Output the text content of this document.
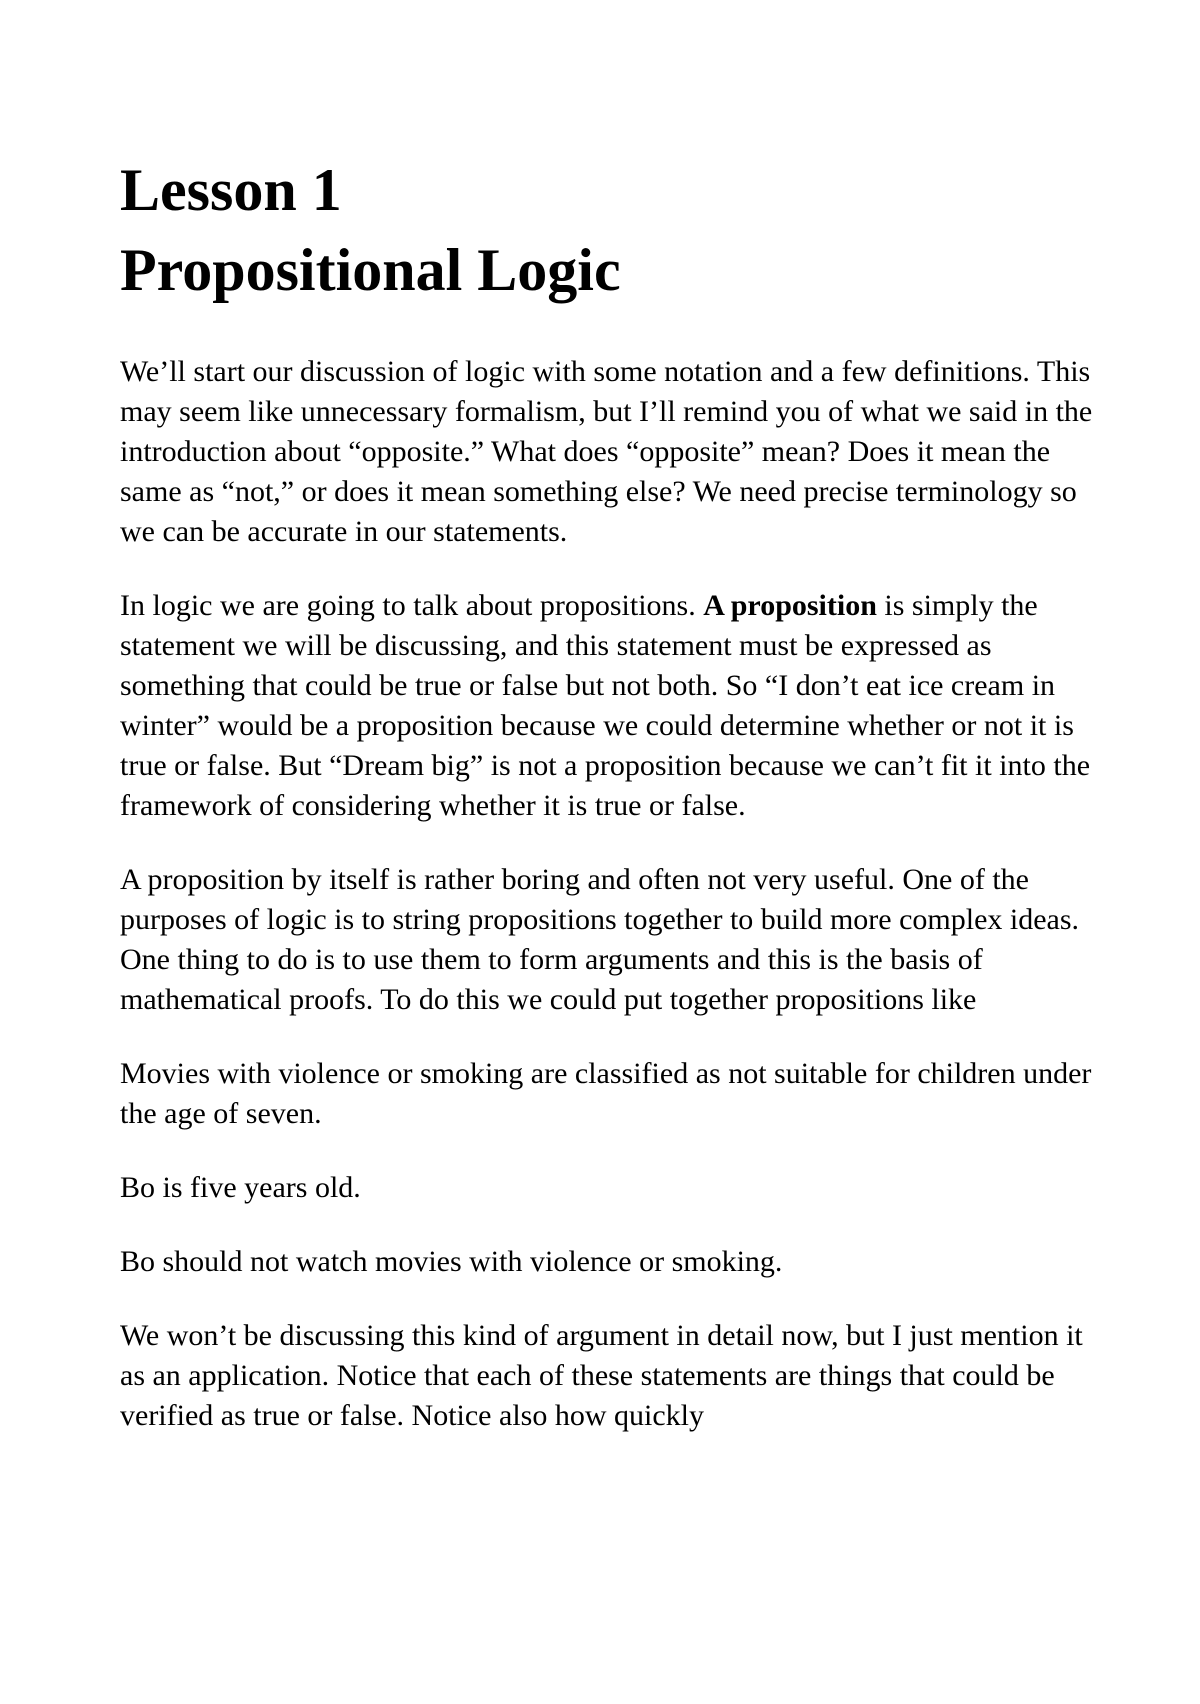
Lesson 1
Propositional Logic

We’ll start our discussion of logic with some notation and a few definitions. This may seem like unnecessary formalism, but I’ll remind you of what we said in the introduction about “opposite.” What does “opposite” mean? Does it mean the same as “not,” or does it mean something else? We need precise terminology so we can be accurate in our statements.

In logic we are going to talk about propositions. A proposition is simply the statement we will be discussing, and this statement must be expressed as something that could be true or false but not both. So “I don’t eat ice cream in winter” would be a proposition because we could determine whether or not it is true or false. But “Dream big” is not a proposition because we can’t fit it into the framework of considering whether it is true or false.

A proposition by itself is rather boring and often not very useful. One of the purposes of logic is to string propositions together to build more complex ideas. One thing to do is to use them to form arguments and this is the basis of mathematical proofs. To do this we could put together propositions like

Movies with violence or smoking are classified as not suitable for children under the age of seven.

Bo is five years old.

Bo should not watch movies with violence or smoking.

We won’t be discussing this kind of argument in detail now, but I just mention it as an application. Notice that each of these statements are things that could be verified as true or false. Notice also how quickly
